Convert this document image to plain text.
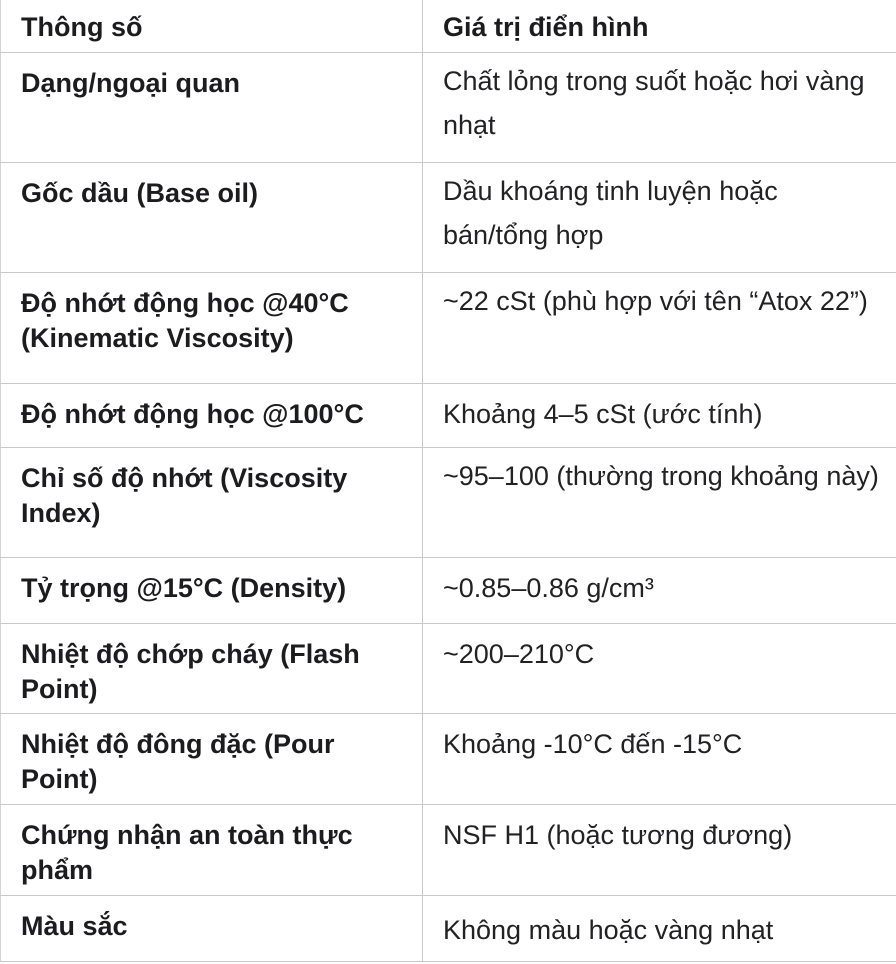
Thông số	Giá trị điển hình

Dạng/ngoại quan	Chất lỏng trong suốt hoặc hơi vàng nhạt

Gốc dầu (Base oil)	Dầu khoáng tinh luyện hoặc bán/tổng hợp

Độ nhớt động học @40°C (Kinematic Viscosity)	~22 cSt (phù hợp với tên “Atox 22”)

Độ nhớt động học @100°C	Khoảng 4–5 cSt (ước tính)

Chỉ số độ nhớt (Viscosity Index)	~95–100 (thường trong khoảng này)

Tỷ trọng @15°C (Density)	~0.85–0.86 g/cm³

Nhiệt độ chớp cháy (Flash Point)	~200–210°C

Nhiệt độ đông đặc (Pour Point)	Khoảng -10°C đến -15°C

Chứng nhận an toàn thực phẩm	NSF H1 (hoặc tương đương)

Màu sắc	Không màu hoặc vàng nhạt
